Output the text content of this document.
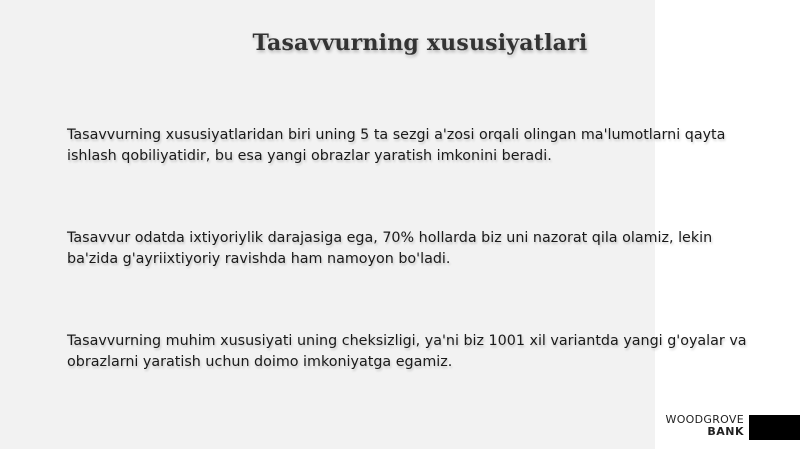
Tasavvurning xususiyatlari
Tasavvurning xususiyatlaridan biri uning 5 ta sezgi a'zosi orqali olingan ma'lumotlarni qayta
ishlash qobiliyatidir, bu esa yangi obrazlar yaratish imkonini beradi.
Tasavvur odatda ixtiyoriylik darajasiga ega, 70% hollarda biz uni nazorat qila olamiz, lekin
ba'zida g'ayriixtiyoriy ravishda ham namoyon bo'ladi.
Tasavvurning muhim xususiyati uning cheksizligi, ya'ni biz 1001 xil variantda yangi g'oyalar va
obrazlarni yaratish uchun doimo imkoniyatga egamiz.
WOODGROVE
BANK
